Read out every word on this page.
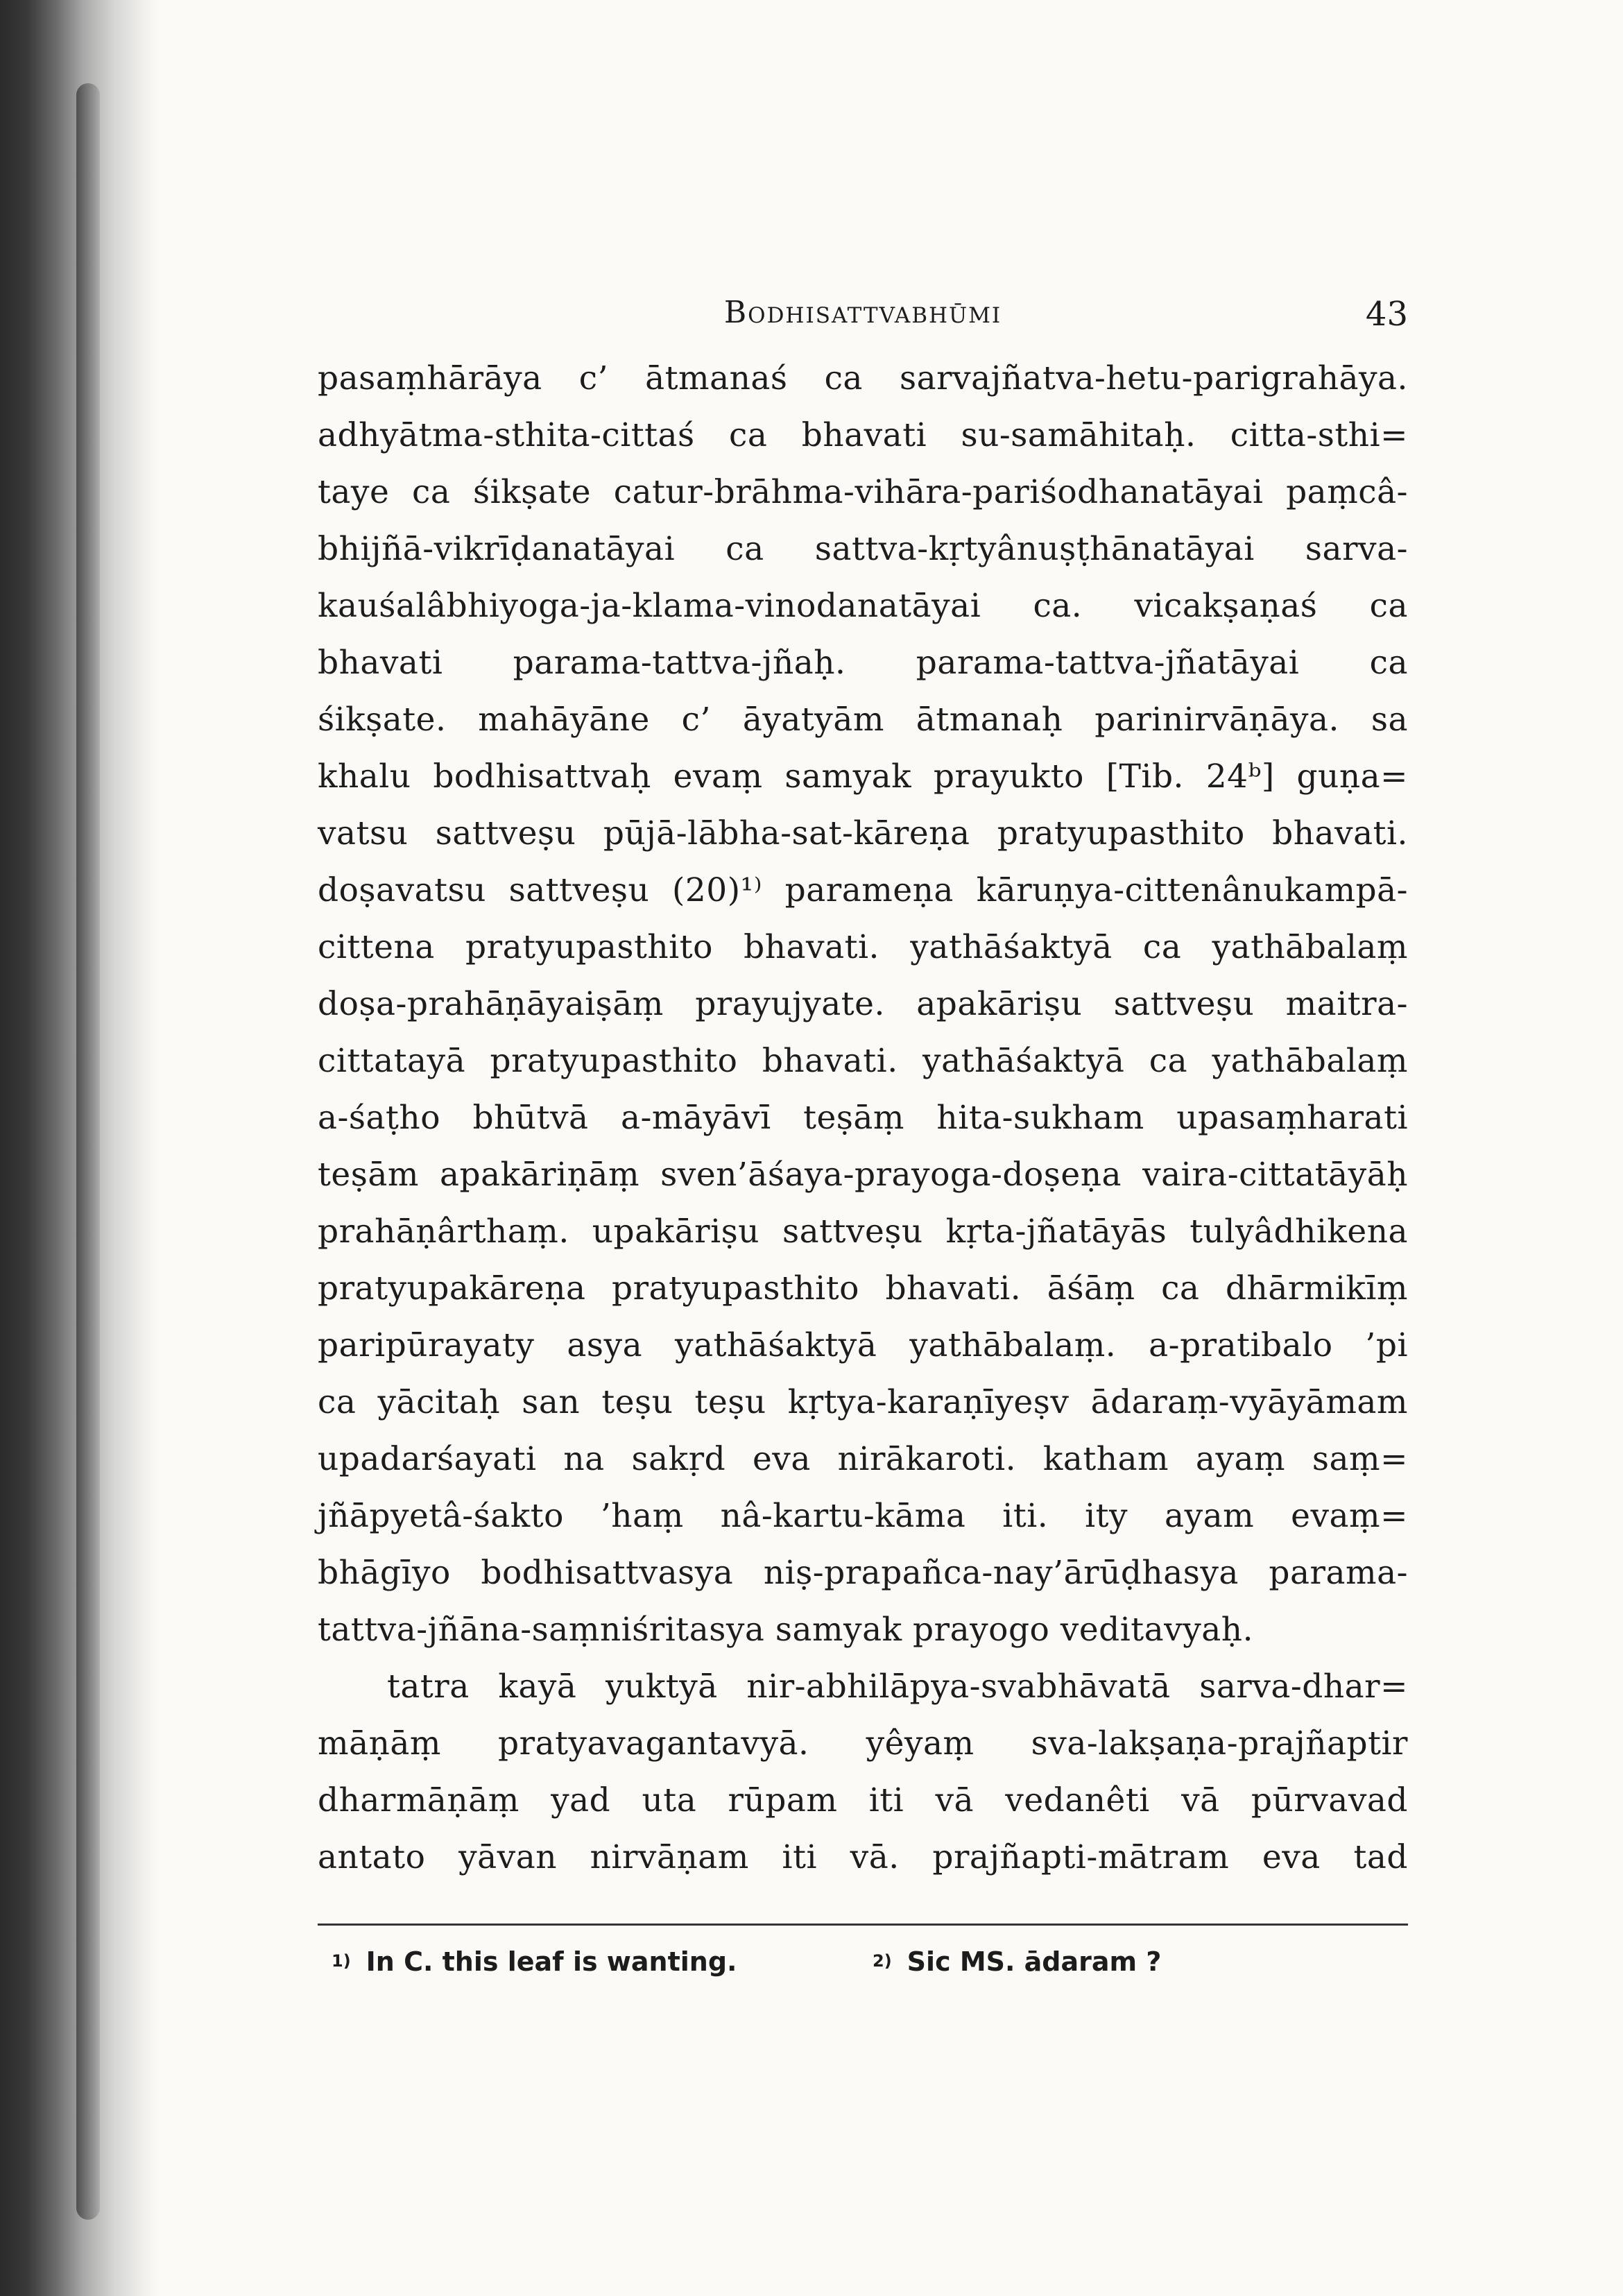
Bodhisattvabhūmi	43
pasaṃhārāya c’ ātmanaś ca sarvajñatva-hetu-parigrahāya.
adhyātma-sthita-cittaś ca bhavati su-samāhitaḥ. citta-sthi=
taye ca śikṣate catur-brāhma-vihāra-pariśodhanatāyai paṃcâ-
bhijñā-vikrīḍanatāyai ca sattva-kṛtyânuṣṭhānatāyai sarva-
kauśalâbhiyoga-ja-klama-vinodanatāyai ca. vicakṣaṇaś ca
bhavati parama-tattva-jñaḥ. parama-tattva-jñatāyai ca
śikṣate. mahāyāne c’ āyatyām ātmanaḥ parinirvāṇāya. sa
khalu bodhisattvaḥ evaṃ samyak prayukto [Tib. 24ᵇ] guṇa=
vatsu sattveṣu pūjā-lābha-sat-kāreṇa pratyupasthito bhavati.
doṣavatsu sattveṣu (20)¹⁾ parameṇa kāruṇya-cittenânukampā-
cittena pratyupasthito bhavati. yathāśaktyā ca yathābalaṃ
doṣa-prahāṇāyaiṣāṃ prayujyate. apakāriṣu sattveṣu maitra-
cittatayā pratyupasthito bhavati. yathāśaktyā ca yathābalaṃ
a-śaṭho bhūtvā a-māyāvī teṣāṃ hita-sukham upasaṃharati
teṣām apakāriṇāṃ sven’āśaya-prayoga-doṣeṇa vaira-cittatāyāḥ
prahāṇârthaṃ. upakāriṣu sattveṣu kṛta-jñatāyās tulyâdhikena
pratyupakāreṇa pratyupasthito bhavati. āśāṃ ca dhārmikīṃ
paripūrayaty asya yathāśaktyā yathābalaṃ. a-pratibalo ’pi
ca yācitaḥ san teṣu teṣu kṛtya-karaṇīyeṣv ādaraṃ-vyāyāmam
upadarśayati na sakṛd eva nirākaroti. katham ayaṃ saṃ=
jñāpyetâ-śakto ’haṃ nâ-kartu-kāma iti. ity ayam evaṃ=
bhāgīyo bodhisattvasya niṣ-prapañca-nay’ārūḍhasya parama-
tattva-jñāna-saṃniśritasya samyak prayogo veditavyaḥ.
tatra kayā yuktyā nir-abhilāpya-svabhāvatā sarva-dhar=
māṇāṃ pratyavagantavyā. yêyaṃ sva-lakṣaṇa-prajñaptir
dharmāṇāṃ yad uta rūpam iti vā vedanêti vā pūrvavad
antato yāvan nirvāṇam iti vā. prajñapti-mātram eva tad
1) In C. this leaf is wanting.	2) Sic MS. ādaram ?
